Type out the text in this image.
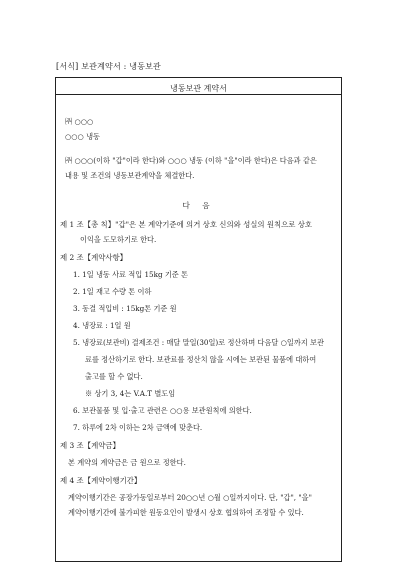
[서식] 보관계약서 : 냉동보관
냉동보관 계약서
㈜ ○○○
○○○ 냉동
㈜ ○○○(이하 "갑"이라 한다)와 ○○○ 냉동 (이하 "을"이라 한다)은 다음과 같은
내용 및 조건의 냉동보관계약을 체결한다.
다 음
제 1 조【총 칙】"갑"은 본 계약기준에 의거 상호 신의와 성실의 원칙으로 상호
이익을 도모하기로 한다.
제 2 조【계약사항】
1. 1일 냉동 사료 적입 15kg 기준 톤
2. 1일 재고 수량 톤 이하
3. 동결 적입비 : 15kg톤 기준 원
4. 냉장료 : 1일 원
5. 냉장료(보관비) 결제조건 : 매달 말일(30일)로 정산하며 다음달 ○일까지 보관
료를 정산하기로 한다. 보관료를 정산치 않을 시에는 보관된 물품에 대하여
출고를 할 수 없다.
※ 상기 3, 4는 V.A.T 별도임
6. 보관물품 및 입·출고 관련은 ○○용 보관원칙에 의한다.
7. 하루에 2차 이하는 2차 금액에 맞춘다.
제 3 조【계약금】
본 계약의 계약금은 금 원으로 정한다.
제 4 조【계약이행기간】
계약이행기간은 공장가동일로부터 20○○년 ○월 ○일까지이다. 단, "갑", "을"
계약이행기간에 불가피한 원동요인이 발생시 상호 협의하여 조정할 수 있다.
